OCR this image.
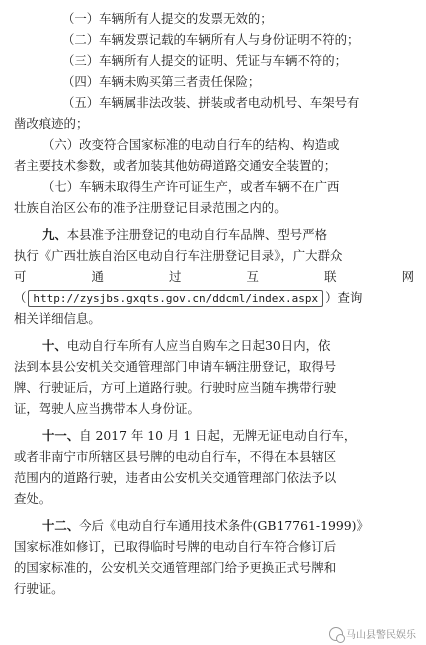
（一）车辆所有人提交的发票无效的；
（二）车辆发票记载的车辆所有人与身份证明不符的；
（三）车辆所有人提交的证明、凭证与车辆不符的；
（四）车辆未购买第三者责任保险；
（五）车辆属非法改装、拼装或者电动机号、车架号有
凿改痕迹的；
（六）改变符合国家标准的电动自行车的结构、构造或
者主要技术参数，或者加装其他妨碍道路交通安全装置的；
（七）车辆未取得生产许可证生产，或者车辆不在广西
壮族自治区公布的准予注册登记目录范围之内的。
九、本县准予注册登记的电动自行车品牌、型号严格
执行《广西壮族自治区电动自行车注册登记目录》，广大群众
可	通	过	互	联	网
（ http://zysjbs.gxqts.gov.cn/ddcml/index.aspx ）查询
相关详细信息。
十、电动自行车所有人应当自购车之日起30日内，依
法到本县公安机关交通管理部门申请车辆注册登记，取得号
牌、行驶证后，方可上道路行驶。行驶时应当随车携带行驶
证，驾驶人应当携带本人身份证。
十一、自 2017 年 10 月 1 日起，无牌无证电动自行车，
或者非南宁市所辖区县号牌的电动自行车，不得在本县辖区
范围内的道路行驶，违者由公安机关交通管理部门依法予以
查处。
十二、今后《电动自行车通用技术条件(GB17761-1999)》
国家标准如修订，已取得临时号牌的电动自行车符合修订后
的国家标准的，公安机关交通管理部门给予更换正式号牌和
行驶证。
马山县警民娱乐
